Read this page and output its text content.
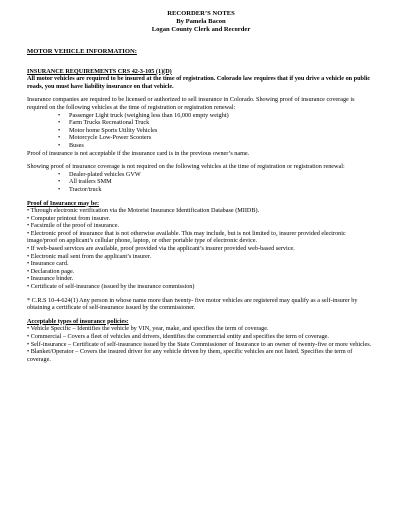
RECORDER’S NOTES
By Pamela Bacon
Logan County Clerk and Recorder
MOTOR VEHICLE INFORMATION:
INSURANCE REQUIREMENTS CRS 42-3-105 (1)(D)

All motor vehicles are required to be insured at the time of registration. Colorado law requires that if you drive a vehicle on public roads, you must have liability insurance on that vehicle.

Insurance companies are required to be licensed or authorized to sell insurance in Colorado. Showing proof of insurance coverage is required on the following vehicles at the time of registration or registration renewal:

• Passenger Light truck (weighing less than 16,000 empty weight)
• Farm Trucks Recreational Truck
• Motor home Sports Utility Vehicles
• Motorcycle Low-Power Scooters
• Buses

Proof of insurance is not acceptable if the insurance card is in the previous owner’s name.

Showing proof of insurance coverage is not required on the following vehicles at the time of registration or registration renewal:

• Dealer-plated vehicles GVW
• All trailers SMM
• Tractor/truck
Proof of Insurance may be:
• Through electronic verification via the Motorist Insurance Identification Database (MIIDB).
• Computer printout from insurer.
• Facsimile of the proof of insurance.
• Electronic proof of insurance that is not otherwise available. This may include, but is not limited to, insurer provided electronic image/proof on applicant’s cellular phone, laptop, or other portable type of electronic device.
• If web-based services are available, proof provided via the applicant’s insurer provided web-based service.
• Electronic mail sent from the applicant’s insurer.
• Insurance card.
• Declaration page.
• Insurance binder.
• Certificate of self-insurance (issued by the insurance commission)

* C.R.S 10-4-624(1) Any person in whose name more than twenty- five motor vehicles are registered may qualify as a self-insurer by obtaining a certificate of self-insurance issued by the commissioner.

Acceptable types of insurance policies:
• Vehicle Specific – Identifies the vehicle by VIN, year, make, and specifies the term of coverage.
• Commercial – Covers a fleet of vehicles and drivers, identifies the commercial entity and specifies the term of coverage.
• Self-insurance – Certificate of self-insurance issued by the State Commissioner of Insurance to an owner of twenty-five or more vehicles.
• Blanket/Operator – Covers the insured driver for any vehicle driven by them, specific vehicles are not listed. Specifies the term of coverage.
